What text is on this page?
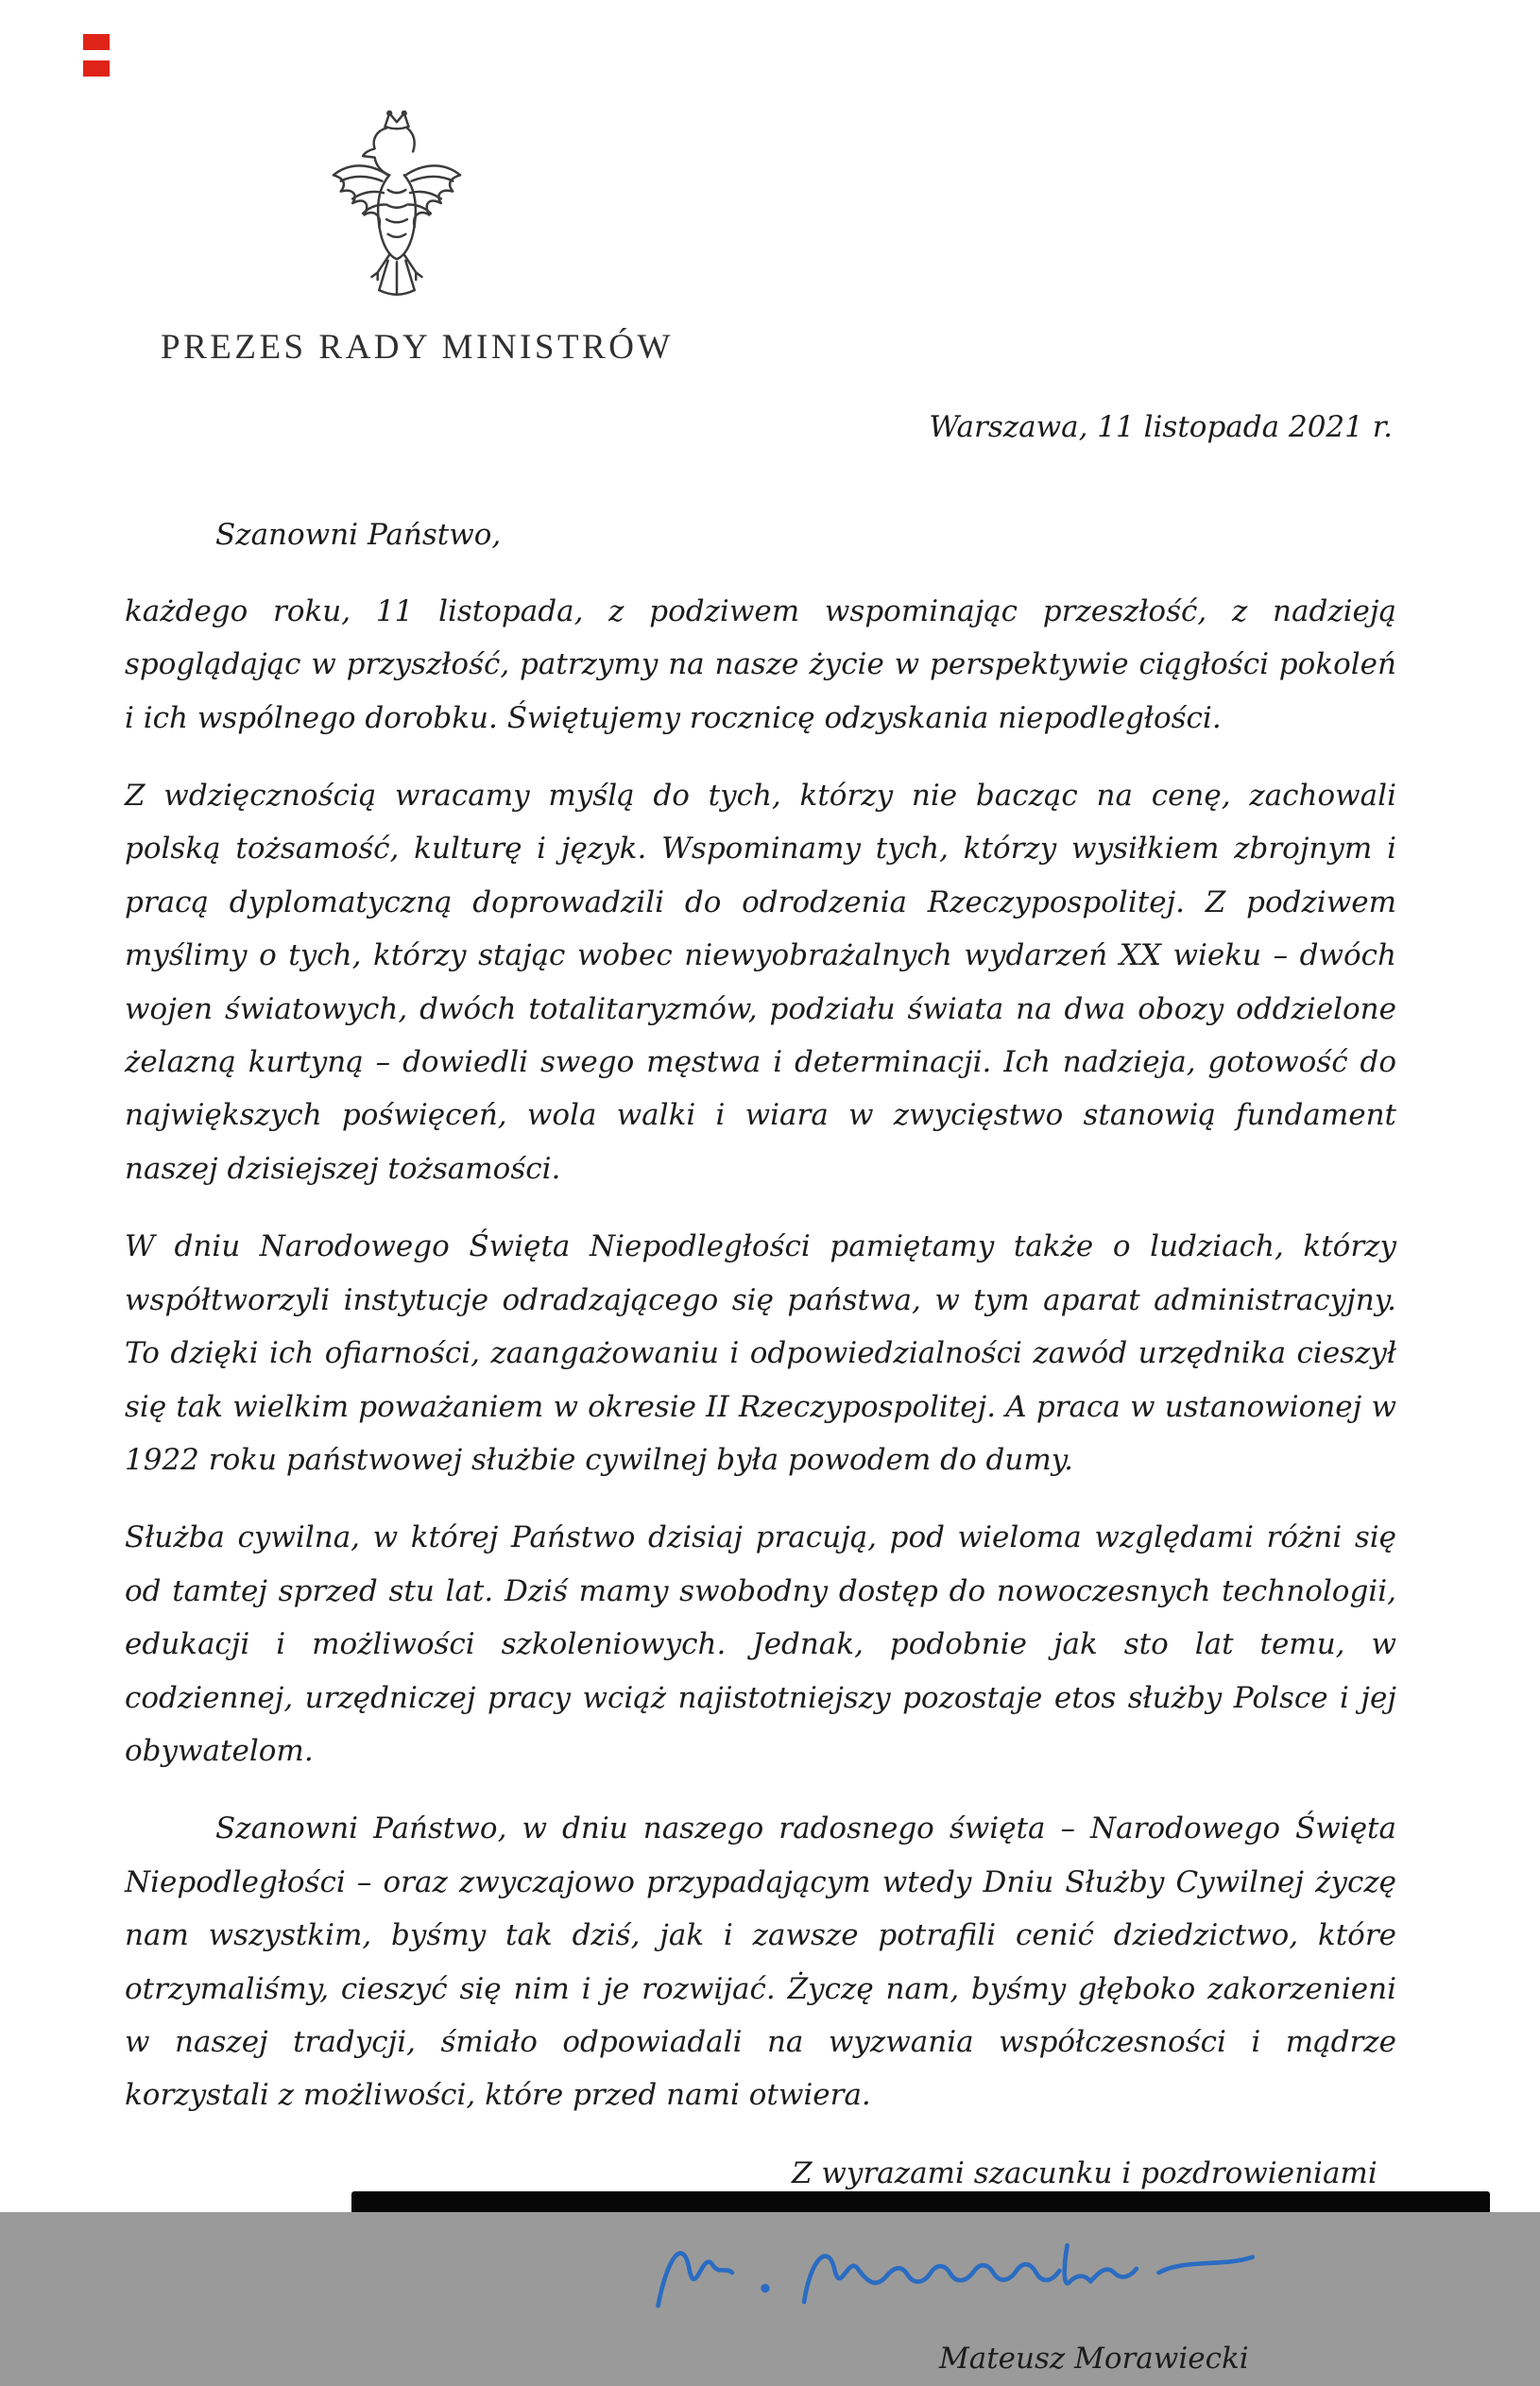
PREZES RADY MINISTRÓW

Warszawa, 11 listopada 2021 r.

Szanowni Państwo,

każdego roku, 11 listopada, z podziwem wspominając przeszłość, z nadzieją spoglądając w przyszłość, patrzymy na nasze życie w perspektywie ciągłości pokoleń i ich wspólnego dorobku. Świętujemy rocznicę odzyskania niepodległości.

Z wdzięcznością wracamy myślą do tych, którzy nie bacząc na cenę, zachowali polską tożsamość, kulturę i język. Wspominamy tych, którzy wysiłkiem zbrojnym i pracą dyplomatyczną doprowadzili do odrodzenia Rzeczypospolitej. Z podziwem myślimy o tych, którzy stając wobec niewyobrażalnych wydarzeń XX wieku – dwóch wojen światowych, dwóch totalitaryzmów, podziału świata na dwa obozy oddzielone żelazną kurtyną – dowiedli swego męstwa i determinacji. Ich nadzieja, gotowość do największych poświęceń, wola walki i wiara w zwycięstwo stanowią fundament naszej dzisiejszej tożsamości.

W dniu Narodowego Święta Niepodległości pamiętamy także o ludziach, którzy współtworzyli instytucje odradzającego się państwa, w tym aparat administracyjny. To dzięki ich ofiarności, zaangażowaniu i odpowiedzialności zawód urzędnika cieszył się tak wielkim poważaniem w okresie II Rzeczypospolitej. A praca w ustanowionej w 1922 roku państwowej służbie cywilnej była powodem do dumy.

Służba cywilna, w której Państwo dzisiaj pracują, pod wieloma względami różni się od tamtej sprzed stu lat. Dziś mamy swobodny dostęp do nowoczesnych technologii, edukacji i możliwości szkoleniowych. Jednak, podobnie jak sto lat temu, w codziennej, urzędniczej pracy wciąż najistotniejszy pozostaje etos służby Polsce i jej obywatelom.

Szanowni Państwo, w dniu naszego radosnego święta – Narodowego Święta Niepodległości – oraz zwyczajowo przypadającym wtedy Dniu Służby Cywilnej życzę nam wszystkim, byśmy tak dziś, jak i zawsze potrafili cenić dziedzictwo, które otrzymaliśmy, cieszyć się nim i je rozwijać. Życzę nam, byśmy głęboko zakorzenieni w naszej tradycji, śmiało odpowiadali na wyzwania współczesności i mądrze korzystali z możliwości, które przed nami otwiera.

Z wyrazami szacunku i pozdrowieniami

Mateusz Morawiecki
